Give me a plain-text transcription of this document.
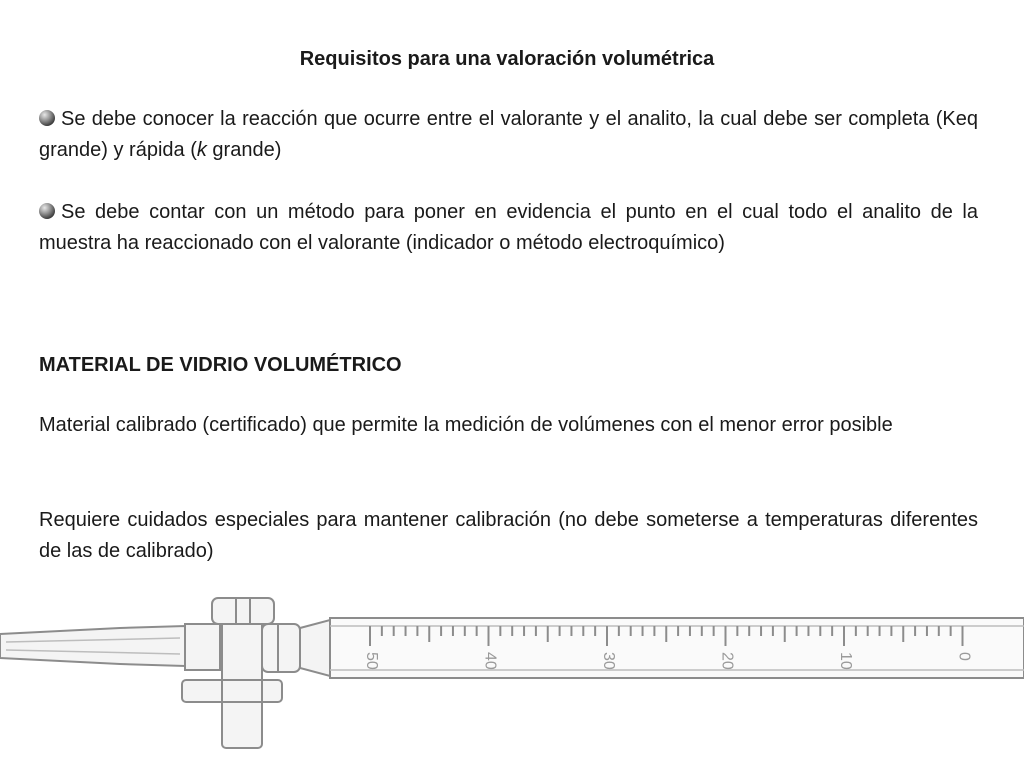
Requisitos para una valoración volumétrica
Se debe conocer la reacción que ocurre entre el valorante y el analito, la cual debe ser completa (Keq grande) y rápida (k grande)
Se debe contar con un método para poner en evidencia el punto en el cual todo el analito de la muestra ha reaccionado con el valorante (indicador o método electroquímico)
MATERIAL DE VIDRIO VOLUMÉTRICO
Material calibrado (certificado) que permite la medición de volúmenes con el menor error posible
Requiere cuidados especiales para mantener calibración (no debe someterse a temperaturas diferentes de las de calibrado)
50	40	30	20	10	0
